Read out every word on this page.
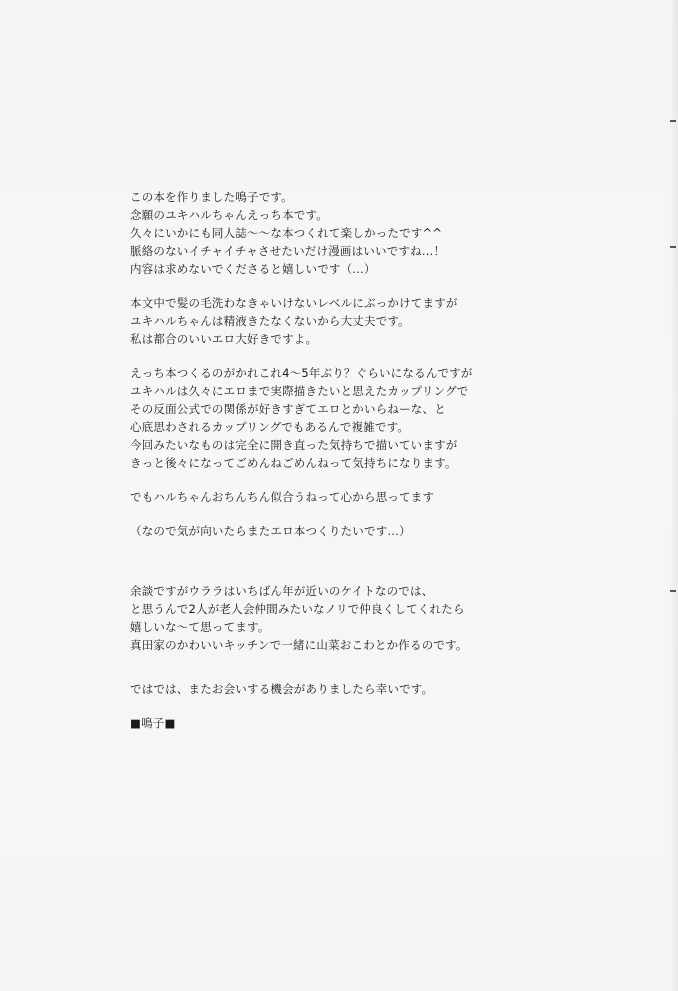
この本を作りました鳴子です。
念願のユキハルちゃんえっち本です。
久々にいかにも同人誌～～な本つくれて楽しかったです^^
脈絡のないイチャイチャさせたいだけ漫画はいいですね…！
内容は求めないでくださると嬉しいです（…）
本文中で髪の毛洗わなきゃいけないレベルにぶっかけてますが
ユキハルちゃんは精液きたなくないから大丈夫です。
私は都合のいいエロ大好きですよ。
えっち本つくるのがかれこれ4～5年ぶり？ぐらいになるんですが
ユキハルは久々にエロまで実際描きたいと思えたカップリングで
その反面公式での関係が好きすぎてエロとかいらねーな、と
心底思わされるカップリングでもあるんで複雑です。
今回みたいなものは完全に開き直った気持ちで描いていますが
きっと後々になってごめんねごめんねって気持ちになります。
でもハルちゃんおちんちん似合うねって心から思ってます
（なので気が向いたらまたエロ本つくりたいです…）
余談ですがウララはいちばん年が近いのケイトなのでは、
と思うんで2人が老人会仲間みたいなノリで仲良くしてくれたら
嬉しいな～て思ってます。
真田家のかわいいキッチンで一緒に山菜おこわとか作るのです。
ではでは、またお会いする機会がありましたら幸いです。
■鳴子■
